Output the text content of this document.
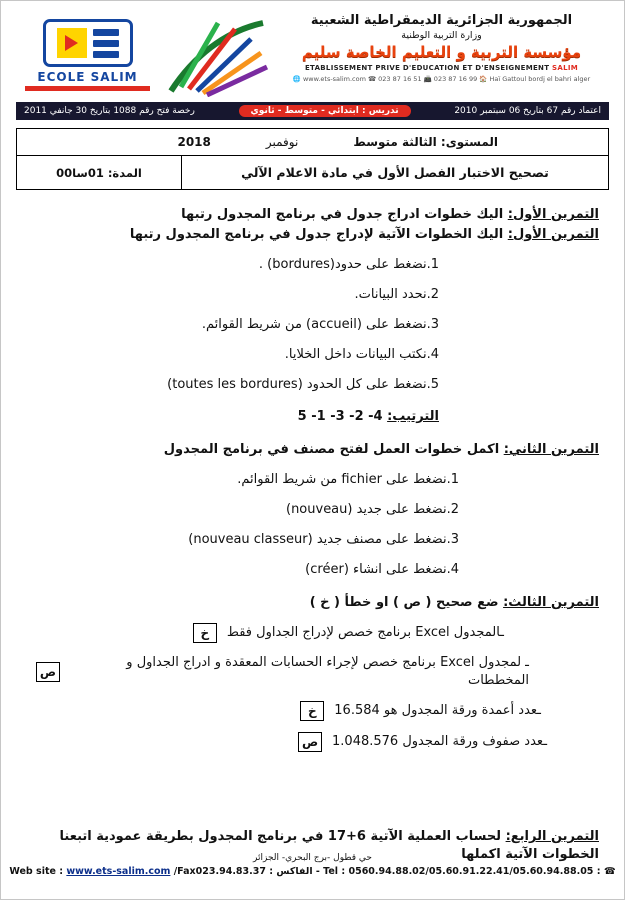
الجمهورية الجزائرية الديمقراطية الشعبية
وزارة التربية الوطنية
مؤسسة التربية و التعليم الخاصة سليم
ETABLISSEMENT PRIVE D'EDUCATION ET D'ENSEIGNEMENT SALIM
🌐 www.ets-salim.com ☎ 023 87 16 51 📠 023 87 16 99 🏠 Haï Gattoul bordj el bahri alger
ECOLE SALIM
اعتماد رقم 67 بتاريخ 06 سبتمبر 2010
تدريس : ابتدائي - متوسط - ثانوي
رخصة فتح رقم 1088 بتاريخ 30 جانفي 2011
المستوى: الثالثة متوسط
نوفمبر
2018
تصحيح الاختبار الفصل الأول في مادة الاعلام الآلي
المدة: 01سا00
التمرين الأول: اليك خطوات ادراج جدول في برنامج المجدول رتبها
التمرين الأول: اليك الخطوات الآتية لإدراج جدول في برنامج المجدول رتبها
1.نضغط على حدود(bordures) .
2.نحدد البيانات.
3.نضغط على (accueil) من شريط القوائم.
4.نكتب البيانات داخل الخلايا.
5.نضغط على كل الحدود (toutes les bordures)
الترتيب: 4- 2- 3- 1- 5
التمرين الثاني: اكمل خطوات العمل لفتح مصنف في برنامج المجدول
1.نضغط على fichier من شريط القوائم.
2.نضغط على جديد (nouveau)
3.نضغط على مصنف جديد (nouveau classeur)
4.نضغط على انشاء (créer)
التمرين الثالث: ضع صحيح ( ص ) او خطأ ( خ )
ـالمجدول Excel برنامج خصص لإدراج الجداول فقط
خ
ـ لمجدول Excel برنامج خصص لإجراء الحسابات المعقدة و ادراج الجداول و المخططات
ص
ـعدد أعمدة ورقة المجدول هو 16.584
خ
ـعدد صفوف ورقة المجدول 1.048.576
ص
التمرين الرابع: لحساب العملية الآتية 6+17 في برنامج المجدول بطريقة عمودية اتبعنا الخطوات الآتية اكملها
حي قطول -برج البحري- الجزائر
Web site : www.ets-salim.com /Fax023.94.83.37 : الفاكس - Tel : 0560.94.88.02/05.60.91.22.41/05.60.94.88.05 : ☎
